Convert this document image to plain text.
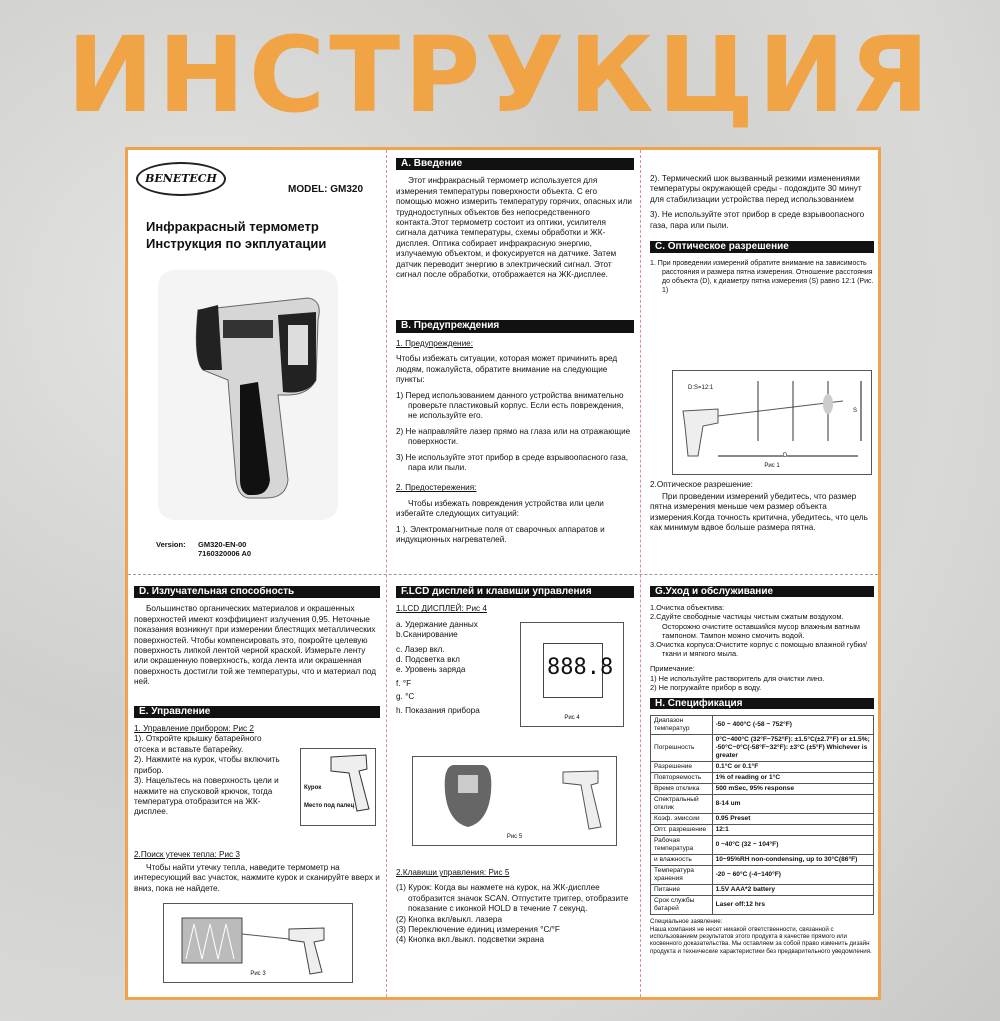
ИНСТРУКЦИЯ
BENETECH
MODEL: GM320
Инфракрасный термометр
Инструкция по экплуатации
Version: GM320-EN-00
7160320006 A0
A. Введение

Этот инфракрасный термометр используется для измерения температуры поверхности объекта. С его помощью можно измерить температуру горячих, опасных или труднодоступных объектов без непосредственного контакта.Этот термометр состоит из оптики, усилителя сигнала датчика температуры, схемы обработки и ЖК-дисплея. Оптика собирает инфракрасную энергию, излучаемую объектом, и фокусируется на датчике. Затем датчик переводит энергию в электрический сигнал. Этот сигнал после обработки, отображается на ЖК-дисплее.

B. Предупреждения

1. Предупреждение:

Чтобы избежать ситуации, которая может причинить вред людям, пожалуйста, обратите внимание на следующие пункты:

1) Перед использованием данного устройства внимательно проверьте пластиковый корпус. Если есть повреждения, не используйте его.

2) Не направляйте лазер прямо на глаза или на отражающие поверхности.

3) Не используйте этот прибор в среде взрывоопасного газа, пара или пыли.

2. Предостережения:

Чтобы избежать повреждения устройства или цели избегайте следующих ситуаций:

1 ). Электромагнитные поля от сварочных аппаратов и индукционных нагревателей.

2). Термический шок вызванный резкими изменениями температуры окружающей среды - подождите 30 минут для стабилизации устройства перед использованием

3). Не используйте этот прибор в среде взрывоопасного газа, пара или пыли.

C. Оптическое разрешение

1. При проведении измерений обратите внимание на зависимость расстояния и размера пятна измерения. Отношение расстояния до объекта (D), к диаметру пятна измерения (S) равно 12:1 (Рис. 1)

D:S=12:1
D
S
Рис 1

2.Оптическое разрешение:

При проведении измерений убедитесь, что размер пятна измерения меньше чем размер объекта измерения.Когда точность критична, убедитесь, что цель как минимум вдвое больше размера пятна.

D. Излучательная способность

Большинство органических материалов и окрашенных поверхностей имеют коэффициент излучения 0,95. Неточные показания возникнут при измерении блестящих металлических поверхностей. Чтобы компенсировать это, покройте целевую поверхность липкой лентой черной краской. Измерьте ленту или окрашенную поверхность, когда лента или окрашенная поверхность достигли той же температуры, что и материал под ней.

E. Управление

1. Управление прибором: Рис 2

1). Откройте крышку батарейного отсека и вставьте батарейку.

2). Нажмите на курок, чтобы включить прибор.

3). Нацельтесь на поверхность цели и нажмите на спусковой крючок, тогда температура отобразится на ЖК-дисплее.

Курок
Место под палец

2.Поиск утечек тепла: Рис 3

Чтобы найти утечку тепла, наведите термометр на интересующий вас участок, нажмите курок и сканируйте вверх и вниз, пока не найдете.

Рис 3
F.LCD дисплей и клавиши управления

1.LCD ДИСПЛЕЙ: Рис 4

a. Удержание данных
b.Сканирование
c. Лазер вкл.
d. Подсветка вкл
e. Уровень заряда
f. °F
g. °C
h. Показания прибора
888.8
Рис 4
Рис 5

2.Клавиши управления: Рис 5

(1) Курок: Когда вы нажмете на курок, на ЖК-дисплее отобразится значок SCAN. Отпустите триггер, отобразите показание с иконкой HOLD в течение 7 секунд.

(2) Кнопка вкл/выкл. лазера

(3) Переключение единиц измерения °C/°F

(4) Кнопка вкл./выкл. подсветки экрана

G.Уход и обслуживание
1.Очистка объектива:
2.Сдуйте свободные частицы чистым сжатым воздухом. Осторожно очистите оставшийся мусор влажным ватным тампоном. Тампон можно смочить водой.
3.Очистка корпуса:Очистите корпус с помощью влажной губки/ткани и мягкого мыла.
Примечание:
1) Не используйте растворитель для очистки линз.
2) Не погружайте прибор в воду.
H. Спецификация
Диапазон температур	-50 ~ 400°C (-58 ~ 752°F)
Погрешность	0°C~400°C (32°F~752°F): ±1.5°C(±2.7°F) or ±1.5%; -50°C~0°C(-58°F~32°F): ±3°C (±5°F) Whichever is greater
Разрешение	0.1°C or 0.1°F
Повторяемость	1% of reading or 1°C
Время отклика	500 mSec, 95% response
Спектральный отклик	8-14 um
Коэф. эмиссии	0.95 Preset
Опт. разрешение	12:1
Рабочая температура	0 ~40°C (32 ~ 104°F)
и влажность	10~95%RH non-condensing, up to 30°C(86°F)
Температура хранения	-20 ~ 60°C (-4~140°F)
Питание	1.5V AAA*2 battery
Срок службы батарей	Laser off:12 hrs
Специальное заявление:
Наша компания не несет никакой ответственности, связанной с использованием результатов этого продукта в качестве прямого или косвенного доказательства. Мы оставляем за собой право изменить дизайн продукта и технические характеристики без предварительного уведомления.
